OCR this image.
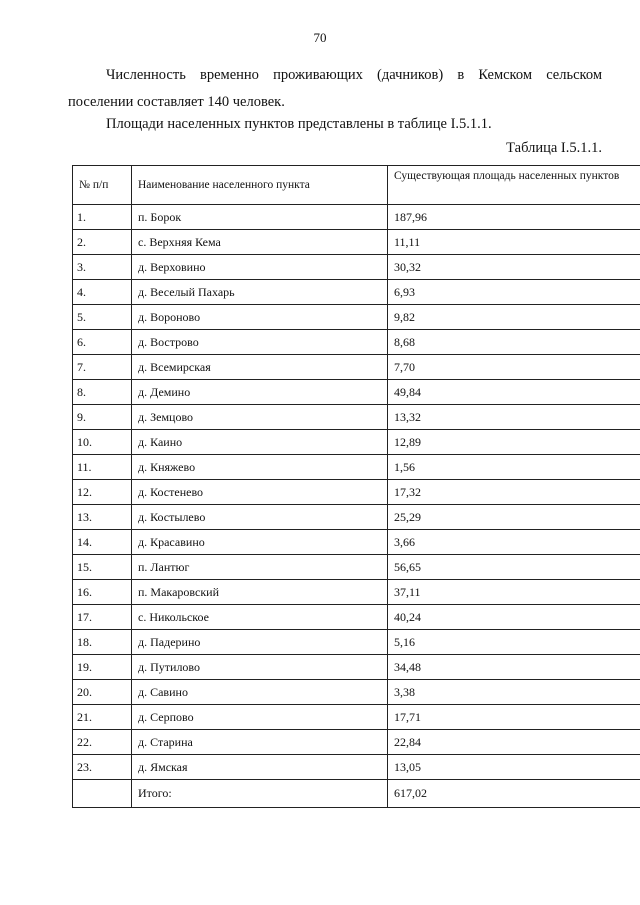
70

Численность временно проживающих (дачников) в Кемском сельском поселении составляет 140 человек.

Площади населенных пунктов представлены в таблице I.5.1.1.

Таблица I.5.1.1.
№ п/п	Наименование населенного пункта	Существующая площадь населенных пунктов
1.	п. Борок	187,96
2.	с. Верхняя Кема	11,11
3.	д. Верховино	30,32
4.	д. Веселый Пахарь	6,93
5.	д. Вороново	9,82
6.	д. Вострово	8,68
7.	д. Всемирская	7,70
8.	д. Демино	49,84
9.	д. Земцово	13,32
10.	д. Каино	12,89
11.	д. Княжево	1,56
12.	д. Костенево	17,32
13.	д. Костылево	25,29
14.	д. Красавино	3,66
15.	п. Лантюг	56,65
16.	п. Макаровский	37,11
17.	с. Никольское	40,24
18.	д. Падерино	5,16
19.	д. Путилово	34,48
20.	д. Савино	3,38
21.	д. Серпово	17,71
22.	д. Старина	22,84
23.	д. Ямская	13,05
	Итого:	617,02
